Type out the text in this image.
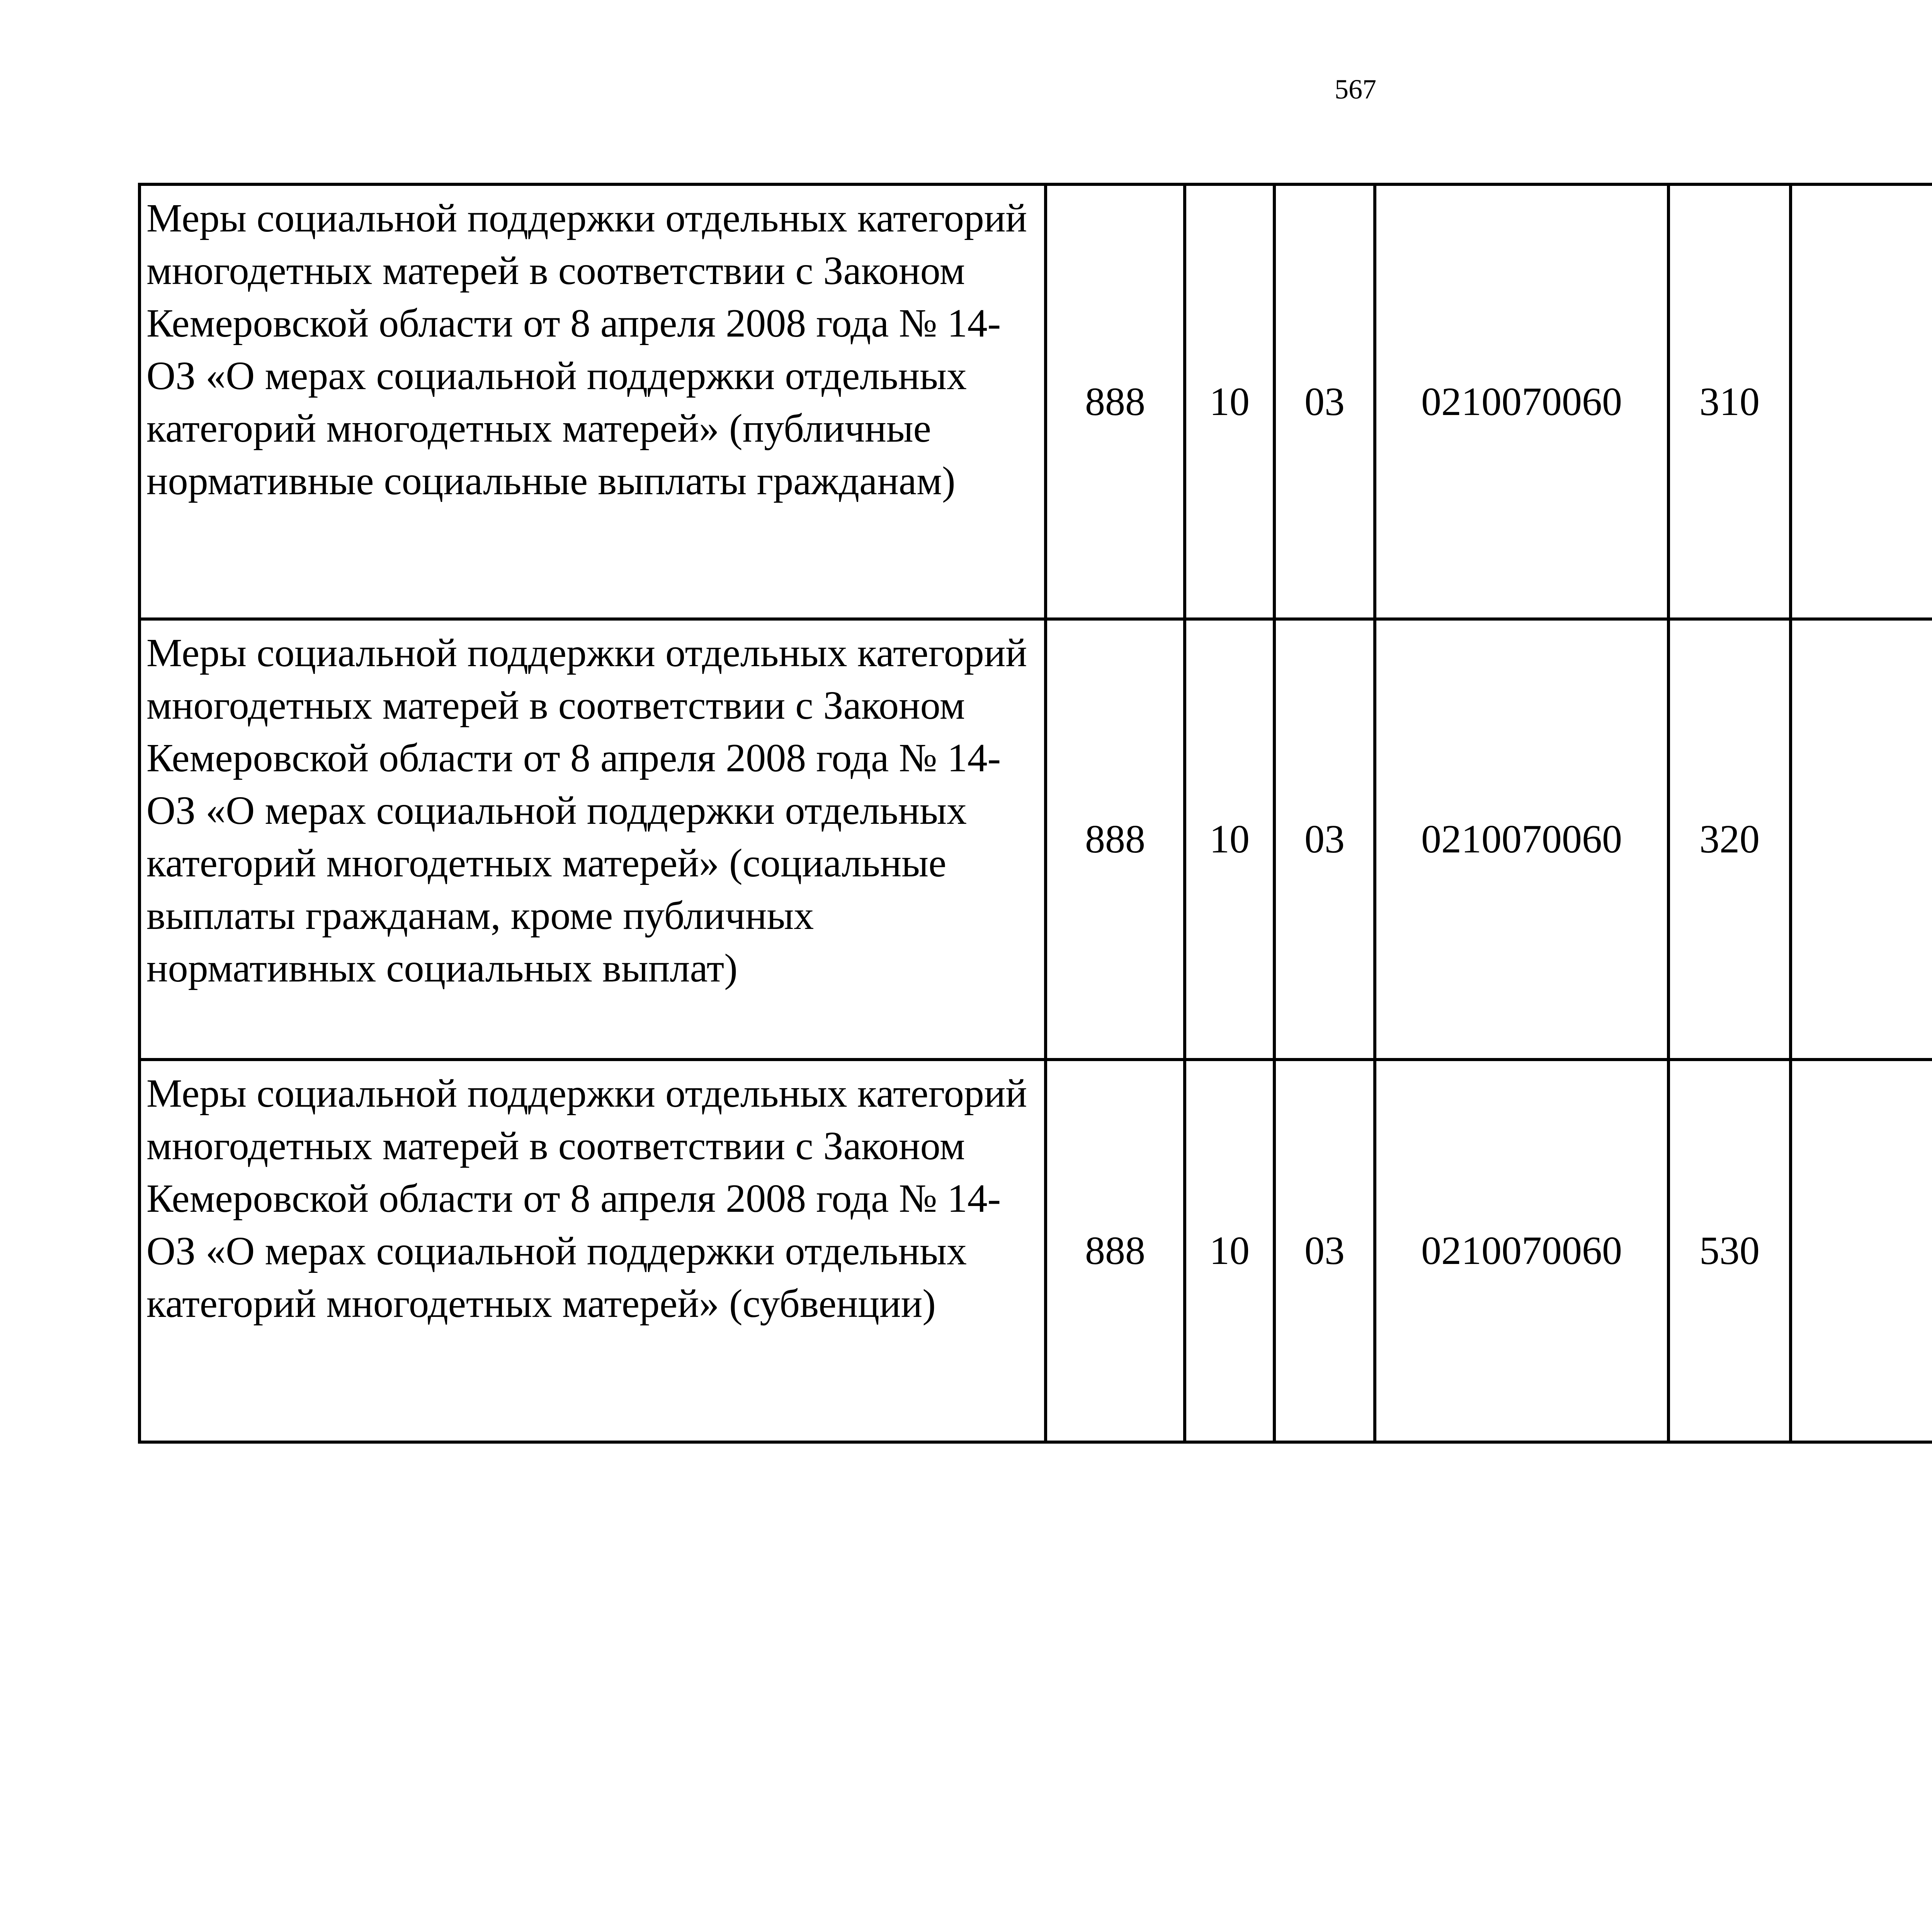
567
Меры социальной поддержки отдельных категорий многодетных матерей в соответствии с Законом Кемеровской области от 8 апреля 2008 года № 14-ОЗ «О мерах социальной поддержки отдельных категорий многодетных матерей» (публичные нормативные социальные выплаты гражданам)	888	10	03	0210070060	310			
Меры социальной поддержки отдельных категорий многодетных матерей в соответствии с Законом Кемеровской области от 8 апреля 2008 года № 14-ОЗ «О мерах социальной поддержки отдельных категорий многодетных матерей» (социальные выплаты гражданам, кроме публичных нормативных социальных выплат)	888	10	03	0210070060	320			
Меры социальной поддержки отдельных категорий многодетных матерей в соответствии с Законом Кемеровской области от 8 апреля 2008 года № 14-ОЗ «О мерах социальной поддержки отдельных категорий многодетных матерей» (субвенции)	888	10	03	0210070060	530			
